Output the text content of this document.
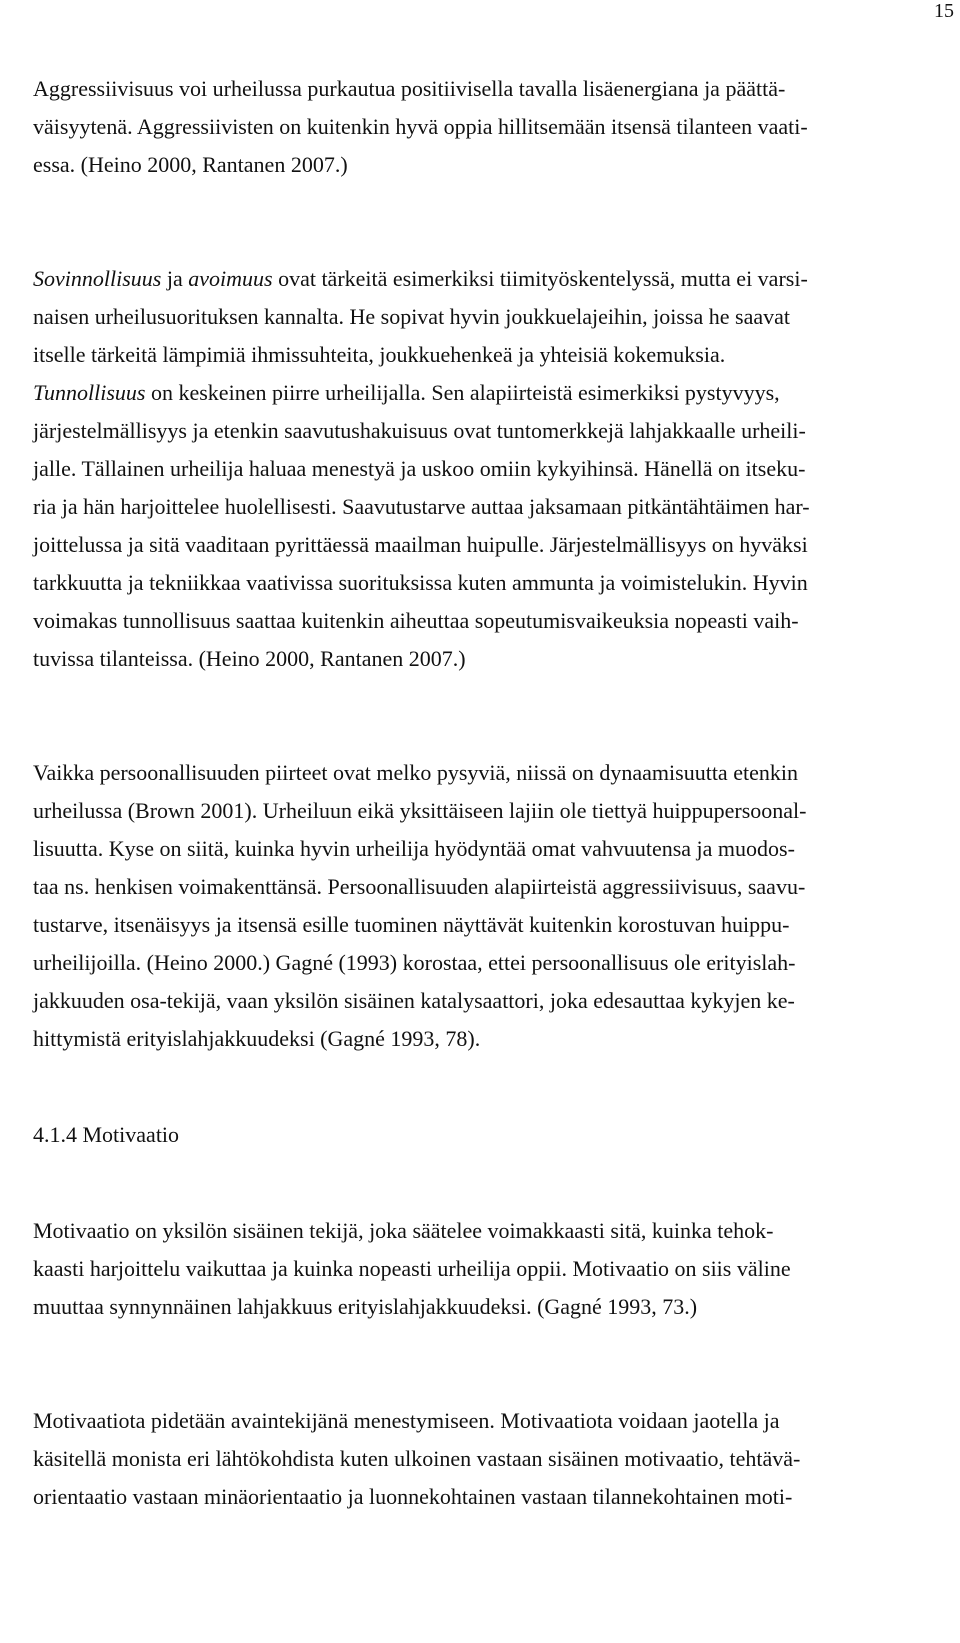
15
Aggressiivisuus voi urheilussa purkautua positiivisella tavalla lisäenergiana ja päättä-
väisyytenä. Aggressiivisten on kuitenkin hyvä oppia hillitsemään itsensä tilanteen vaati-
essa. (Heino 2000, Rantanen 2007.)
Sovinnollisuus ja avoimuus ovat tärkeitä esimerkiksi tiimityöskentelyssä, mutta ei varsi-
naisen urheilusuorituksen kannalta. He sopivat hyvin joukkuelajeihin, joissa he saavat
itselle tärkeitä lämpimiä ihmissuhteita, joukkuehenkeä ja yhteisiä kokemuksia.
Tunnollisuus on keskeinen piirre urheilijalla. Sen alapiirteistä esimerkiksi pystyvyys,
järjestelmällisyys ja etenkin saavutushakuisuus ovat tuntomerkkejä lahjakkaalle urheili-
jalle. Tällainen urheilija haluaa menestyä ja uskoo omiin kykyihinsä. Hänellä on itseku-
ria ja hän harjoittelee huolellisesti. Saavutustarve auttaa jaksamaan pitkäntähtäimen har-
joittelussa ja sitä vaaditaan pyrittäessä maailman huipulle. Järjestelmällisyys on hyväksi
tarkkuutta ja tekniikkaa vaativissa suorituksissa kuten ammunta ja voimistelukin. Hyvin
voimakas tunnollisuus saattaa kuitenkin aiheuttaa sopeutumisvaikeuksia nopeasti vaih-
tuvissa tilanteissa. (Heino 2000, Rantanen 2007.)
Vaikka persoonallisuuden piirteet ovat melko pysyviä, niissä on dynaamisuutta etenkin
urheilussa (Brown 2001). Urheiluun eikä yksittäiseen lajiin ole tiettyä huippupersoonal-
lisuutta. Kyse on siitä, kuinka hyvin urheilija hyödyntää omat vahvuutensa ja muodos-
taa ns. henkisen voimakenttänsä. Persoonallisuuden alapiirteistä aggressiivisuus, saavu-
tustarve, itsenäisyys ja itsensä esille tuominen näyttävät kuitenkin korostuvan huippu-
urheilijoilla. (Heino 2000.) Gagné (1993) korostaa, ettei persoonallisuus ole erityislah-
jakkuuden osa-tekijä, vaan yksilön sisäinen katalysaattori, joka edesauttaa kykyjen ke-
hittymistä erityislahjakkuudeksi (Gagné 1993, 78).
4.1.4 Motivaatio
Motivaatio on yksilön sisäinen tekijä, joka säätelee voimakkaasti sitä, kuinka tehok-
kaasti harjoittelu vaikuttaa ja kuinka nopeasti urheilija oppii. Motivaatio on siis väline
muuttaa synnynnäinen lahjakkuus erityislahjakkuudeksi. (Gagné 1993, 73.)
Motivaatiota pidetään avaintekijänä menestymiseen. Motivaatiota voidaan jaotella ja
käsitellä monista eri lähtökohdista kuten ulkoinen vastaan sisäinen motivaatio, tehtävä-
orientaatio vastaan minäorientaatio ja luonnekohtainen vastaan tilannekohtainen moti-
